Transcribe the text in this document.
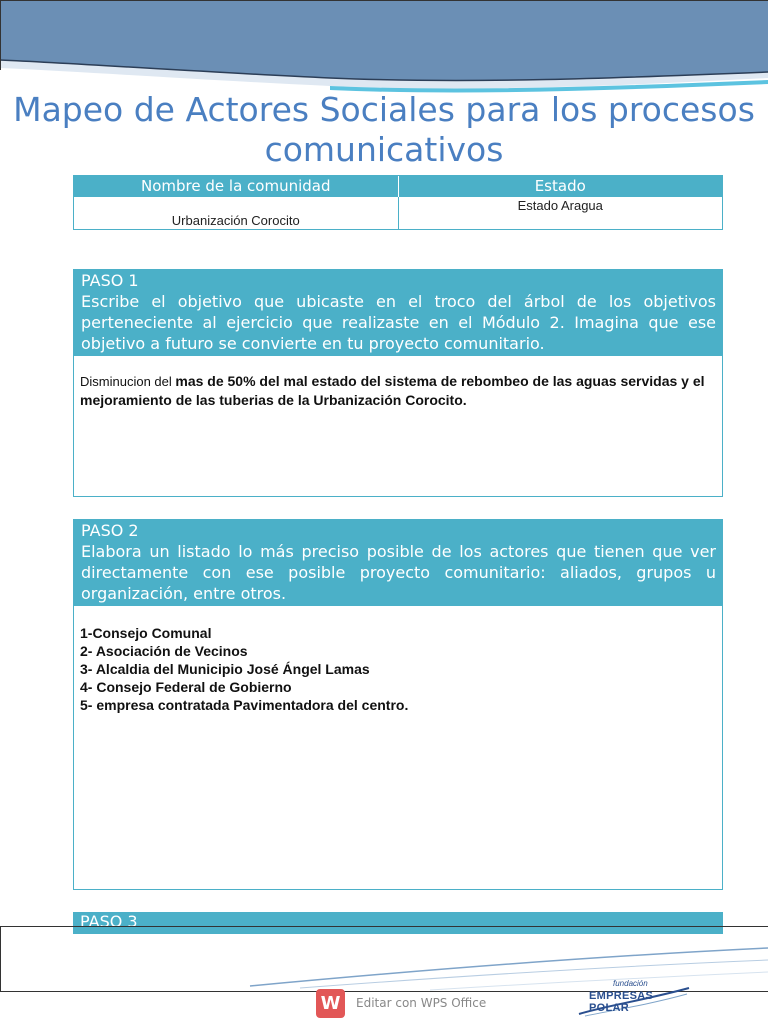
Mapeo de Actores Sociales para los procesos
comunicativos
Nombre de la comunidad	Estado
Urbanización Corocito
Estado Aragua
PASO 1
Escribe el objetivo que ubicaste en el troco del árbol de los objetivos perteneciente al ejercicio que realizaste en el Módulo 2. Imagina que ese objetivo a futuro se convierte en tu proyecto comunitario.
Disminucion del mas de 50% del mal estado del sistema de rebombeo de las aguas servidas y el mejoramiento de las tuberias de la Urbanización Corocito.
PASO 2
Elabora un listado lo más preciso posible de los actores que tienen que ver directamente con ese posible proyecto comunitario: aliados, grupos u organización, entre otros.
1-Consejo Comunal
2- Asociación de Vecinos
3- Alcaldia del Municipio José Ángel Lamas
4- Consejo Federal de Gobierno
5- empresa contratada Pavimentadora del centro.
PASO 3
W	Editar con WPS Office
fundación
EMPRESAS POLAR
